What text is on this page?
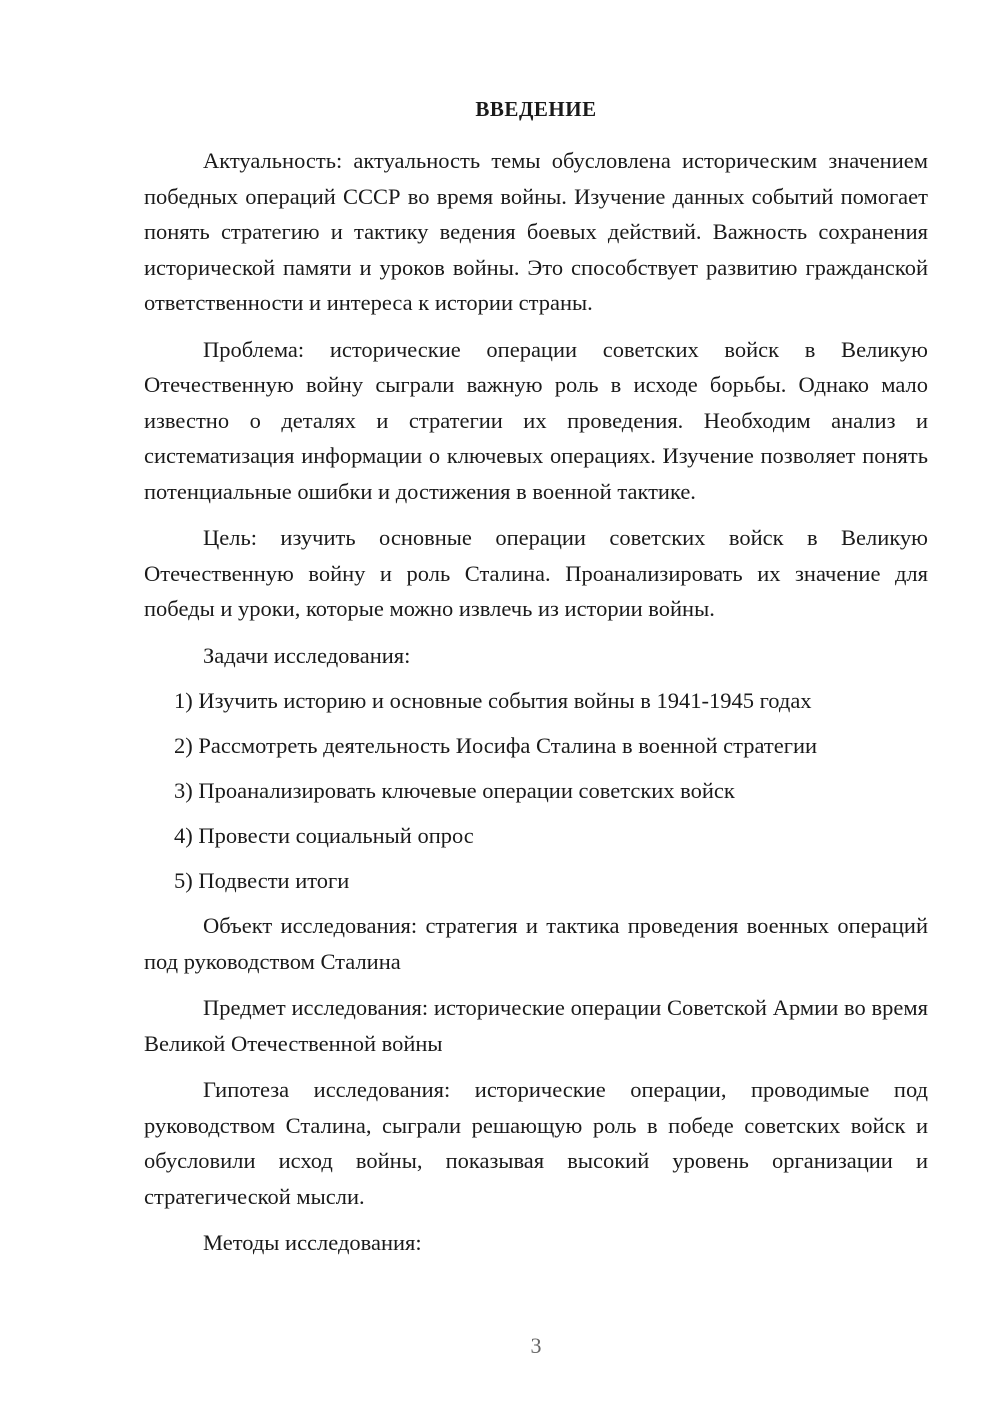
ВВЕДЕНИЕ

Актуальность: актуальность темы обусловлена историческим значением победных операций СССР во время войны. Изучение данных событий помогает понять стратегию и тактику ведения боевых действий. Важность сохранения исторической памяти и уроков войны. Это способствует развитию гражданской ответственности и интереса к истории страны.

Проблема: исторические операции советских войск в Великую Отечественную войну сыграли важную роль в исходе борьбы. Однако мало известно о деталях и стратегии их проведения. Необходим анализ и систематизация информации о ключевых операциях. Изучение позволяет понять потенциальные ошибки и достижения в военной тактике.

Цель: изучить основные операции советских войск в Великую Отечественную войну и роль Сталина. Проанализировать их значение для победы и уроки, которые можно извлечь из истории войны.

Задачи исследования:

1) Изучить историю и основные события войны в 1941-1945 годах

2) Рассмотреть деятельность Иосифа Сталина в военной стратегии

3) Проанализировать ключевые операции советских войск

4) Провести социальный опрос

5) Подвести итоги

Объект исследования: стратегия и тактика проведения военных операций под руководством Сталина

Предмет исследования: исторические операции Советской Армии во время Великой Отечественной войны

Гипотеза исследования: исторические операции, проводимые под руководством Сталина, сыграли решающую роль в победе советских войск и обусловили исход войны, показывая высокий уровень организации и стратегической мысли.

Методы исследования:

3
